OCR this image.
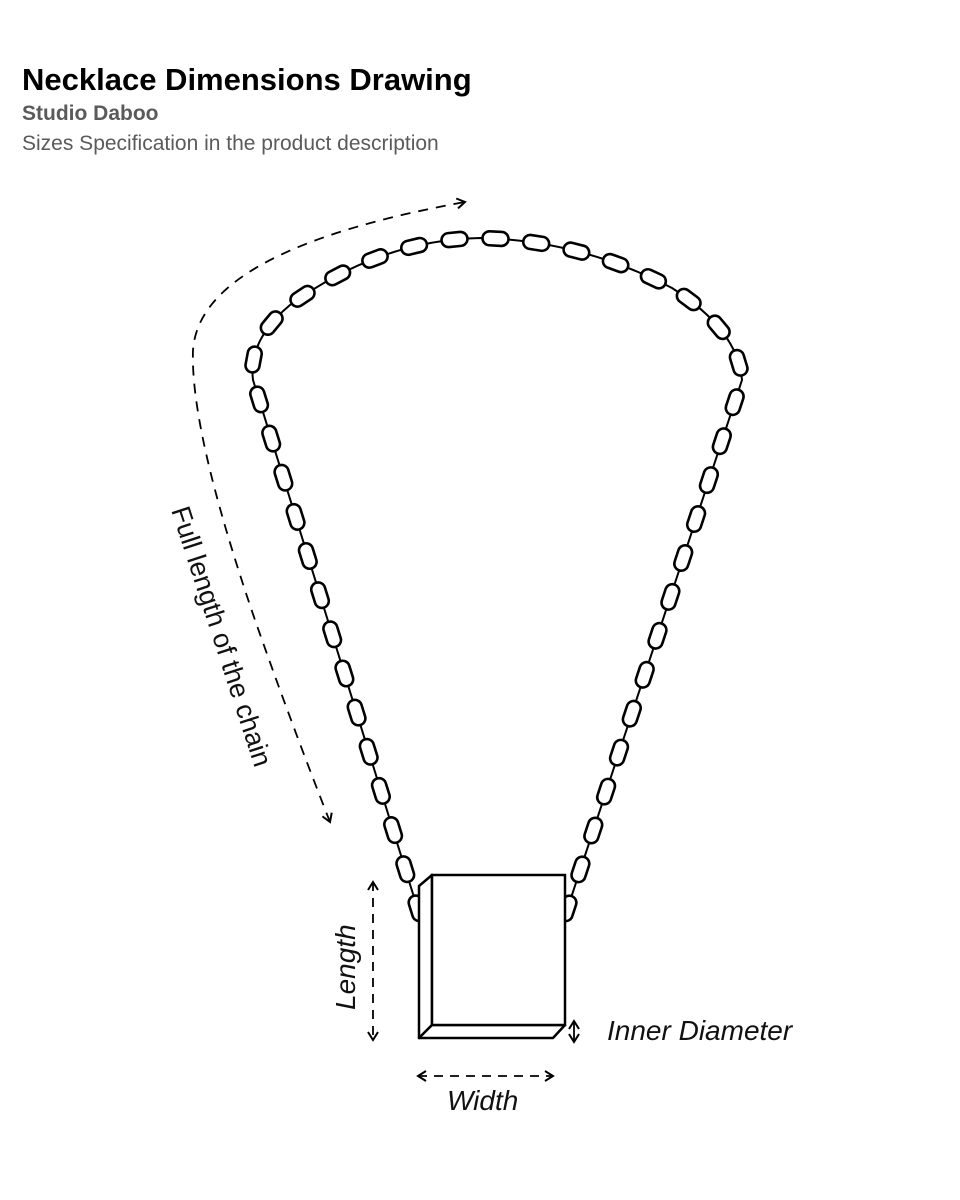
Necklace Dimensions Drawing
Studio Daboo
Sizes Specification in the product description
Full length of the chain
Length
Width
Inner Diameter
